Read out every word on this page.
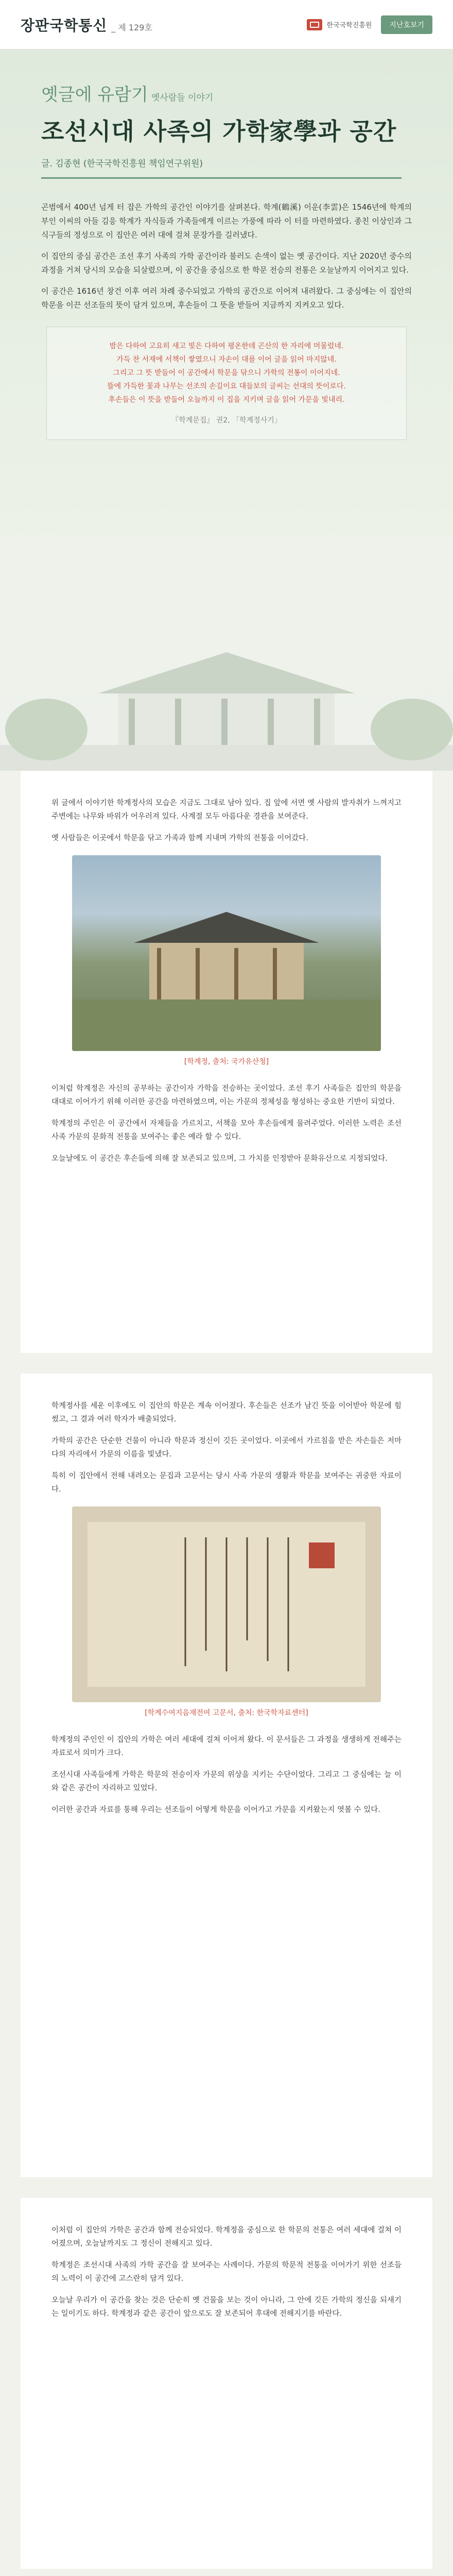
장판국학통신 _ 제 129호	한국국학진흥원	지난호보기
옛글에 유람기 옛사람들 이야기
조선시대 사족의 가학家學과 공간
글. 김종현 (한국국학진흥원 책임연구위원)

곤범에서 400년 넘게 터 잡은 가학의 공간인 이야기를 살펴본다. 학계(鶴溪) 이운(李雲)은 1546년에 학계의 부인 이씨의 아들 김응 학계가 자식들과 가족들에게 이르는 가풍에 따라 이 터를 마련하였다. 종친 이상인과 그 식구들의 정성으로 이 집안은 여러 대에 걸쳐 문장가를 길러냈다.

이 집안의 중심 공간은 조선 후기 사족의 가학 공간이라 불러도 손색이 없는 옛 공간이다. 지난 2020년 중수의 과정을 거쳐 당시의 모습을 되살렸으며, 이 공간을 중심으로 한 학문 전승의 전통은 오늘날까지 이어지고 있다.

이 공간은 1616년 창건 이후 여러 차례 중수되었고 가학의 공간으로 이어져 내려왔다. 그 중심에는 이 집안의 학문을 이끈 선조들의 뜻이 담겨 있으며, 후손들이 그 뜻을 받들어 지금까지 지켜오고 있다.

밤은 다하여 고요히 새고 빛은 다하여 평온한데 곤산의 한 자리에 머물렀네.

가득 찬 서재에 서책이 쌓였으니 자손이 대를 이어 글을 읽어 마지않네.

그리고 그 뜻 받들어 이 공간에서 학문을 닦으니 가학의 전통이 이어지네.

뜰에 가득한 꽃과 나무는 선조의 손길이요 대들보의 글씨는 선대의 뜻이로다.

후손들은 이 뜻을 받들어 오늘까지 이 집을 지키며 글을 읽어 가문을 빛내리.

『학계문집』 권2, 「학계정사기」

위 글에서 이야기한 학계정사의 모습은 지금도 그대로 남아 있다. 집 앞에 서면 옛 사람의 발자취가 느껴지고 주변에는 나무와 바위가 어우러져 있다. 사계절 모두 아름다운 경관을 보여준다.

옛 사람들은 이곳에서 학문을 닦고 가족과 함께 지내며 가학의 전통을 이어갔다.

[학계정, 출처: 국가유산청]

이처럼 학계정은 자신의 공부하는 공간이자 가학을 전승하는 곳이었다. 조선 후기 사족들은 집안의 학문을 대대로 이어가기 위해 이러한 공간을 마련하였으며, 이는 가문의 정체성을 형성하는 중요한 기반이 되었다.

학계정의 주인은 이 공간에서 자제들을 가르치고, 서책을 모아 후손들에게 물려주었다. 이러한 노력은 조선 사족 가문의 문화적 전통을 보여주는 좋은 예라 할 수 있다.

오늘날에도 이 공간은 후손들에 의해 잘 보존되고 있으며, 그 가치를 인정받아 문화유산으로 지정되었다.

학계정사를 세운 이후에도 이 집안의 학문은 계속 이어졌다. 후손들은 선조가 남긴 뜻을 이어받아 학문에 힘썼고, 그 결과 여러 학자가 배출되었다.

가학의 공간은 단순한 건물이 아니라 학문과 정신이 깃든 곳이었다. 이곳에서 가르침을 받은 자손들은 저마다의 자리에서 가문의 이름을 빛냈다.

특히 이 집안에서 전해 내려오는 문집과 고문서는 당시 사족 가문의 생활과 학문을 보여주는 귀중한 자료이다.

[학계수여지음재전여 고문서, 출처: 한국학자료센터]

학계정의 주인인 이 집안의 가학은 여러 세대에 걸쳐 이어져 왔다. 이 문서들은 그 과정을 생생하게 전해주는 자료로서 의미가 크다.

조선시대 사족들에게 가학은 학문의 전승이자 가문의 위상을 지키는 수단이었다. 그리고 그 중심에는 늘 이와 같은 공간이 자리하고 있었다.

이러한 공간과 자료를 통해 우리는 선조들이 어떻게 학문을 이어가고 가문을 지켜왔는지 엿볼 수 있다.

이처럼 이 집안의 가학은 공간과 함께 전승되었다. 학계정을 중심으로 한 학문의 전통은 여러 세대에 걸쳐 이어졌으며, 오늘날까지도 그 정신이 전해지고 있다.

학계정은 조선시대 사족의 가학 공간을 잘 보여주는 사례이다. 가문의 학문적 전통을 이어가기 위한 선조들의 노력이 이 공간에 고스란히 담겨 있다.

오늘날 우리가 이 공간을 찾는 것은 단순히 옛 건물을 보는 것이 아니라, 그 안에 깃든 가학의 정신을 되새기는 일이기도 하다. 학계정과 같은 공간이 앞으로도 잘 보존되어 후대에 전해지기를 바란다.
